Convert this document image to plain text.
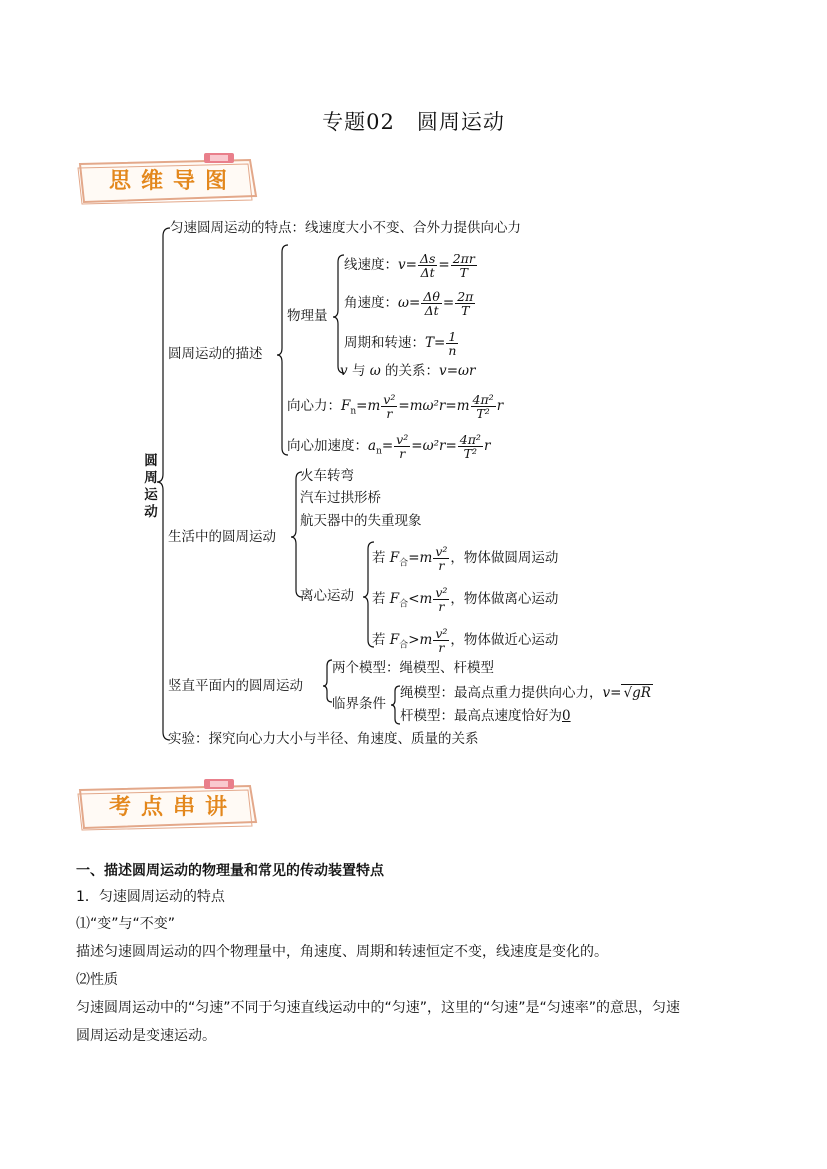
专题02　圆周运动
思维导图
圆周运动
匀速圆周运动的特点：线速度大小不变、合外力提供向心力
圆周运动的描述
物理量
线速度：$v= \frac{\Delta s}{\Delta t} = \frac{2\pi r}{T}$
角速度：$\omega= \frac{\Delta\theta}{\Delta t} = \frac{2\pi}{T}$
周期和转速：$T= \frac{1}{n}$
v 与 ω 的关系：v=ωr
向心力：$F_n=m \frac{\text{v²}}{r} =m\omega^2r=m \frac{\text{4π²}}{\text{T²}}$ r
向心加速度：$a_n= \frac{\text{v²}}{r} =\omega^2r= \frac{\text{4π²}}{\text{T²}}$ r
生活中的圆周运动
火车转弯
汽车过拱形桥
航天器中的失重现象
离心运动
若 $F_合=m \frac{\text{v²}}{r}$ ，物体做圆周运动
若 $F_合<m \frac{\text{v²}}{r}$ ，物体做离心运动
若 $F_合>m \frac{\text{v²}}{r}$ ，物体做近心运动
竖直平面内的圆周运动
两个模型：绳模型、杆模型
临界条件
绳模型：最高点重力提供向心力，v= √gR
杆模型：最高点速度恰好为0
实验：探究向心力大小与半径、角速度、质量的关系
考点串讲
一、描述圆周运动的物理量和常见的传动装置特点
1．匀速圆周运动的特点
⑴“变”与“不变”
描述匀速圆周运动的四个物理量中，角速度、周期和转速恒定不变，线速度是变化的。
⑵性质
匀速圆周运动中的“匀速”不同于匀速直线运动中的“匀速”，这里的“匀速”是“匀速率”的意思，匀速
圆周运动是变速运动。
